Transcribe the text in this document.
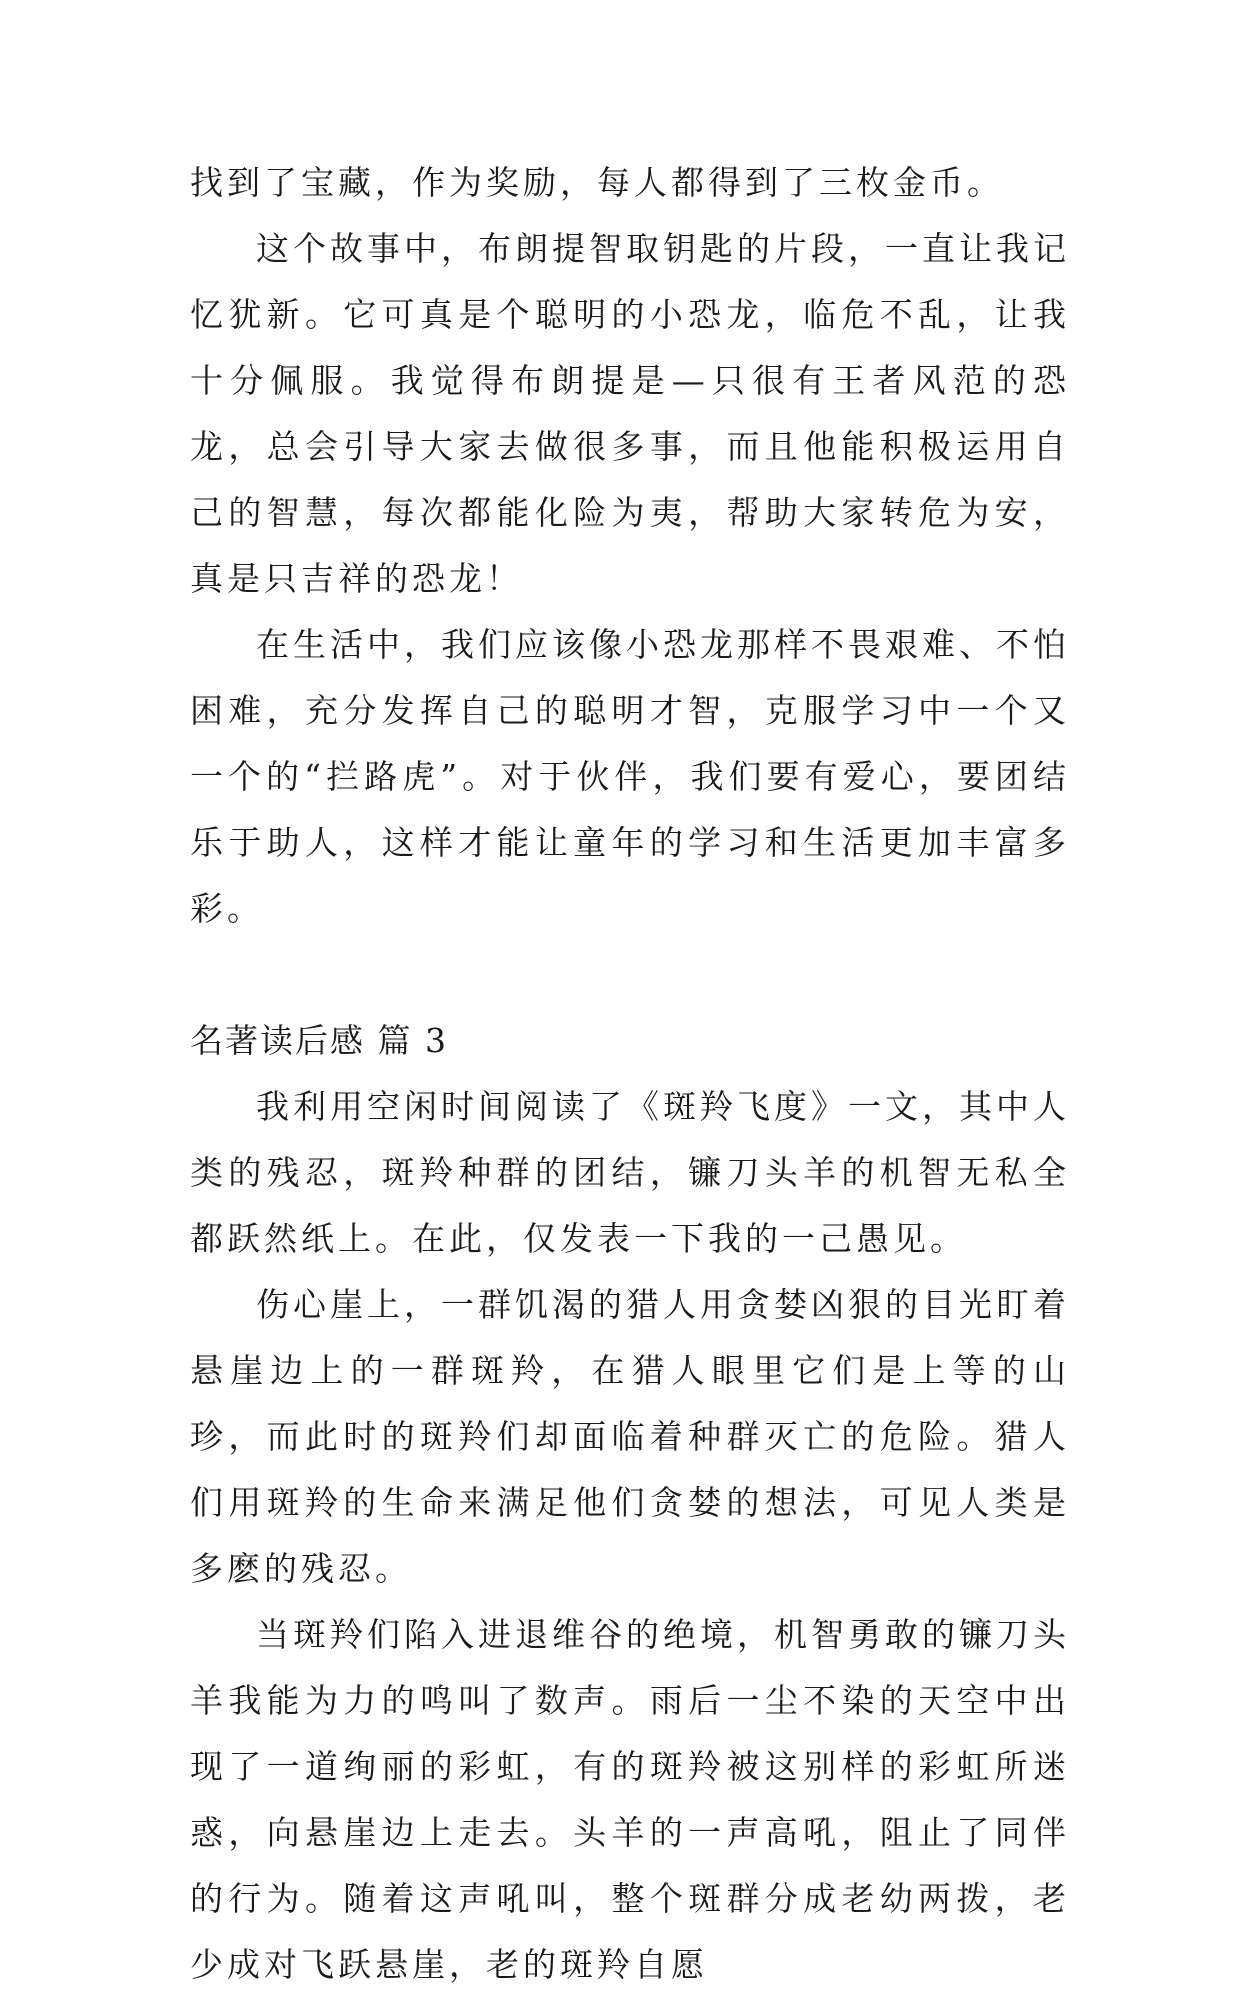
找到了宝藏，作为奖励，每人都得到了三枚金币。

这个故事中，布朗提智取钥匙的片段，一直让我记忆犹新。它可真是个聪明的小恐龙，临危不乱，让我十分佩服。我觉得布朗提是—只很有王者风范的恐龙，总会引导大家去做很多事，而且他能积极运用自己的智慧，每次都能化险为夷，帮助大家转危为安，真是只吉祥的恐龙！

在生活中，我们应该像小恐龙那样不畏艰难、不怕困难，充分发挥自己的聪明才智，克服学习中一个又一个的“拦路虎”。对于伙伴，我们要有爱心，要团结乐于助人，这样才能让童年的学习和生活更加丰富多彩。

名著读后感 篇 3

我利用空闲时间阅读了《斑羚飞度》一文，其中人类的残忍，斑羚种群的团结，镰刀头羊的机智无私全都跃然纸上。在此，仅发表一下我的一己愚见。

伤心崖上，一群饥渴的猎人用贪婪凶狠的目光盯着悬崖边上的一群斑羚，在猎人眼里它们是上等的山珍，而此时的斑羚们却面临着种群灭亡的危险。猎人们用斑羚的生命来满足他们贪婪的想法，可见人类是多麽的残忍。

当斑羚们陷入进退维谷的绝境，机智勇敢的镰刀头羊我能为力的鸣叫了数声。雨后一尘不染的天空中出现了一道绚丽的彩虹，有的斑羚被这别样的彩虹所迷惑，向悬崖边上走去。头羊的一声高吼，阻止了同伴的行为。随着这声吼叫，整个斑群分成老幼两拨，老少成对飞跃悬崖，老的斑羚自愿
